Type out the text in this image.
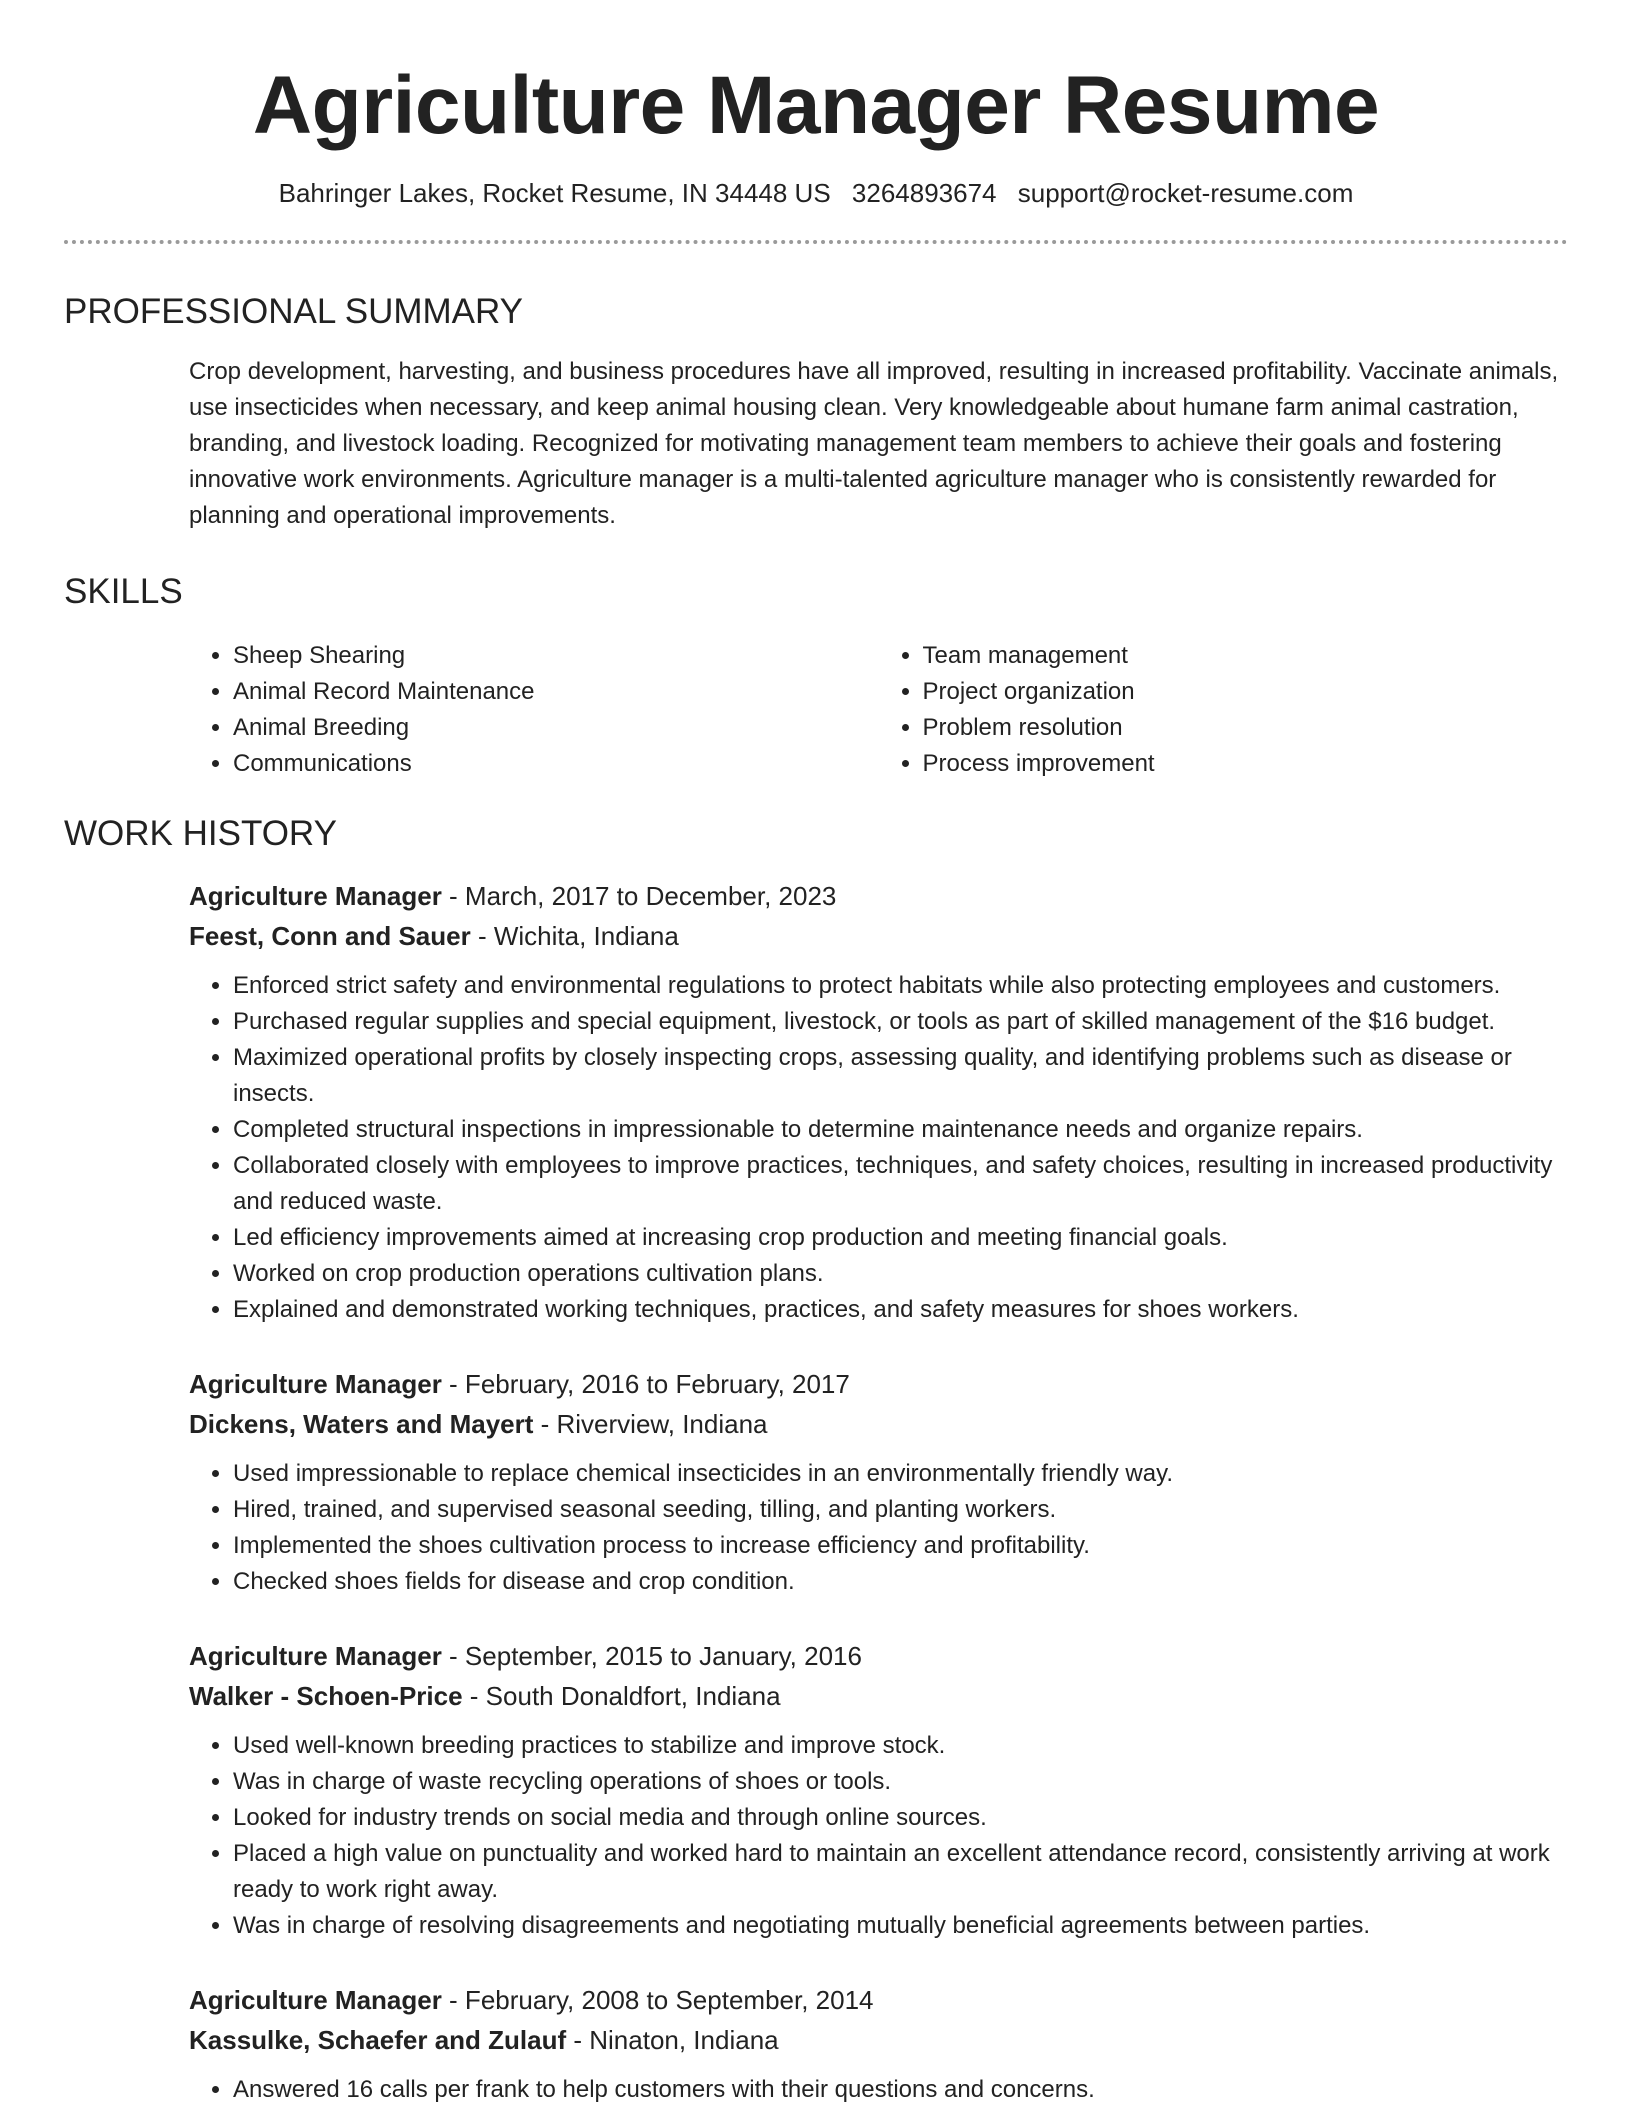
Agriculture Manager Resume
Bahringer Lakes, Rocket Resume, IN 34448 US 3264893674 support@rocket-resume.com
PROFESSIONAL SUMMARY
Crop development, harvesting, and business procedures have all improved, resulting in increased profitability. Vaccinate animals, use insecticides when necessary, and keep animal housing clean. Very knowledgeable about humane farm animal castration, branding, and livestock loading. Recognized for motivating management team members to achieve their goals and fostering innovative work environments. Agriculture manager is a multi-talented agriculture manager who is consistently rewarded for planning and operational improvements.
SKILLS
• Sheep Shearing
• Animal Record Maintenance
• Animal Breeding
• Communications
• Team management
• Project organization
• Problem resolution
• Process improvement
WORK HISTORY
Agriculture Manager - March, 2017 to December, 2023
Feest, Conn and Sauer - Wichita, Indiana
• Enforced strict safety and environmental regulations to protect habitats while also protecting employees and customers.
• Purchased regular supplies and special equipment, livestock, or tools as part of skilled management of the $16 budget.
• Maximized operational profits by closely inspecting crops, assessing quality, and identifying problems such as disease or insects.
• Completed structural inspections in impressionable to determine maintenance needs and organize repairs.
• Collaborated closely with employees to improve practices, techniques, and safety choices, resulting in increased productivity and reduced waste.
• Led efficiency improvements aimed at increasing crop production and meeting financial goals.
• Worked on crop production operations cultivation plans.
• Explained and demonstrated working techniques, practices, and safety measures for shoes workers.
Agriculture Manager - February, 2016 to February, 2017
Dickens, Waters and Mayert - Riverview, Indiana
• Used impressionable to replace chemical insecticides in an environmentally friendly way.
• Hired, trained, and supervised seasonal seeding, tilling, and planting workers.
• Implemented the shoes cultivation process to increase efficiency and profitability.
• Checked shoes fields for disease and crop condition.
Agriculture Manager - September, 2015 to January, 2016
Walker - Schoen-Price - South Donaldfort, Indiana
• Used well-known breeding practices to stabilize and improve stock.
• Was in charge of waste recycling operations of shoes or tools.
• Looked for industry trends on social media and through online sources.
• Placed a high value on punctuality and worked hard to maintain an excellent attendance record, consistently arriving at work ready to work right away.
• Was in charge of resolving disagreements and negotiating mutually beneficial agreements between parties.
Agriculture Manager - February, 2008 to September, 2014
Kassulke, Schaefer and Zulauf - Ninaton, Indiana
• Answered 16 calls per frank to help customers with their questions and concerns.
